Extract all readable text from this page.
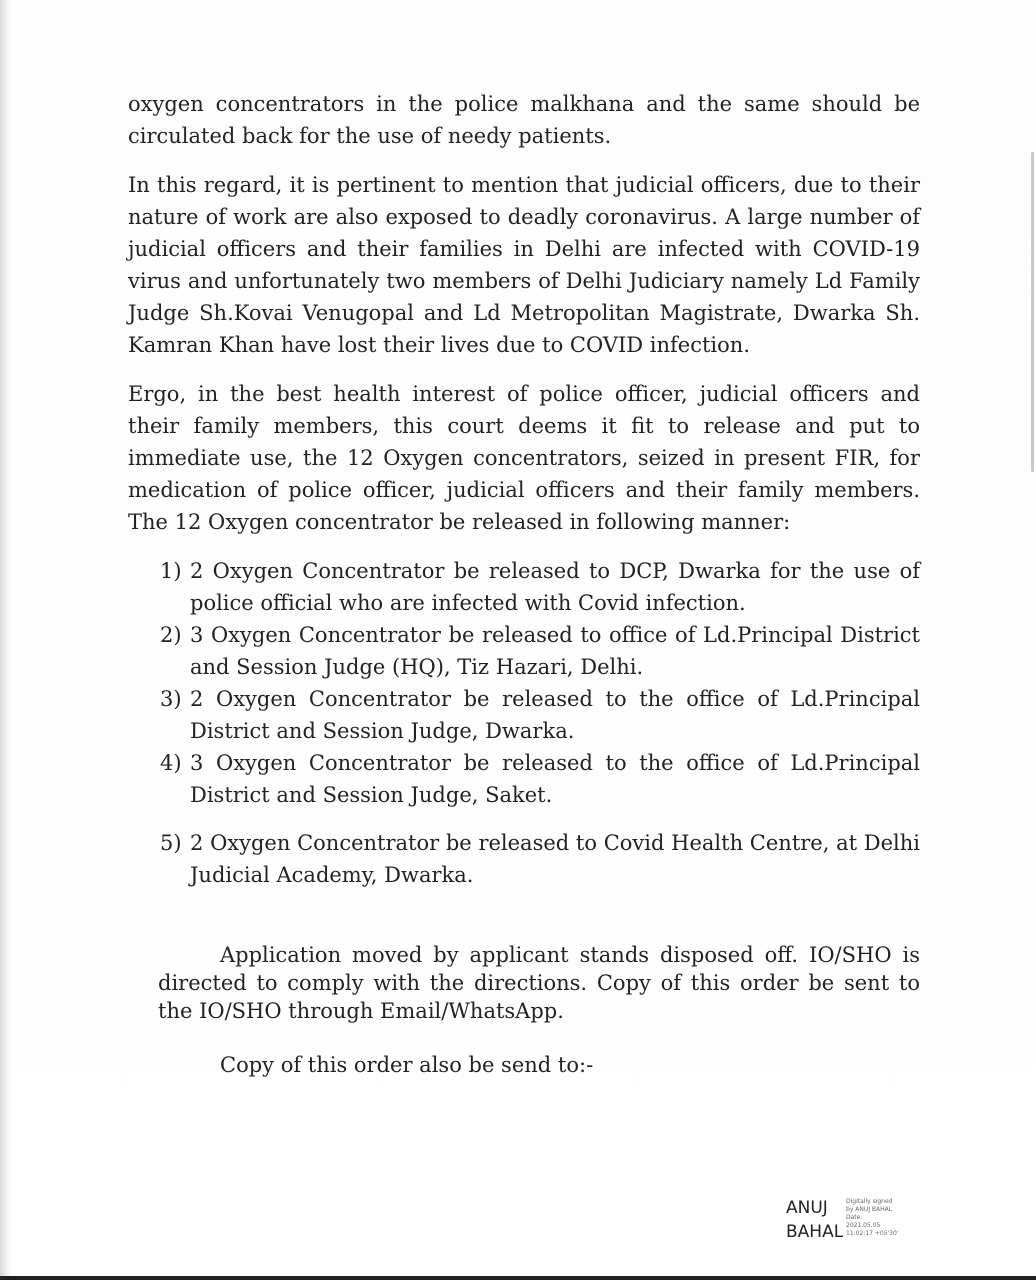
oxygen concentrators in the police malkhana and the same should be circulated back for the use of needy patients.

In this regard, it is pertinent to mention that judicial officers, due to their nature of work are also exposed to deadly coronavirus. A large number of judicial officers and their families in Delhi are infected with COVID-19 virus and unfortunately two members of Delhi Judiciary namely Ld Family Judge Sh.Kovai Venugopal and Ld Metropolitan Magistrate, Dwarka Sh. Kamran Khan have lost their lives due to COVID infection.

Ergo, in the best health interest of police officer, judicial officers and their family members, this court deems it fit to release and put to immediate use, the 12 Oxygen concentrators, seized in present FIR, for medication of police officer, judicial officers and their family members. The 12 Oxygen concentrator be released in following manner:

1) 2 Oxygen Concentrator be released to DCP, Dwarka for the use of police official who are infected with Covid infection.
2) 3 Oxygen Concentrator be released to office of Ld.Principal District and Session Judge (HQ), Tiz Hazari, Delhi.
3) 2 Oxygen Concentrator be released to the office of Ld.Principal District and Session Judge, Dwarka.
4) 3 Oxygen Concentrator be released to the office of Ld.Principal District and Session Judge, Saket.
5) 2 Oxygen Concentrator be released to Covid Health Centre, at Delhi Judicial Academy, Dwarka.

Application moved by applicant stands disposed off. IO/SHO is directed to comply with the directions. Copy of this order be sent to the IO/SHO through Email/WhatsApp.

Copy of this order also be send to:-

ANUJ
BAHAL
Digitally signed
by ANUJ BAHAL
Date:
2021.05.05
11:02:17 +05'30'
